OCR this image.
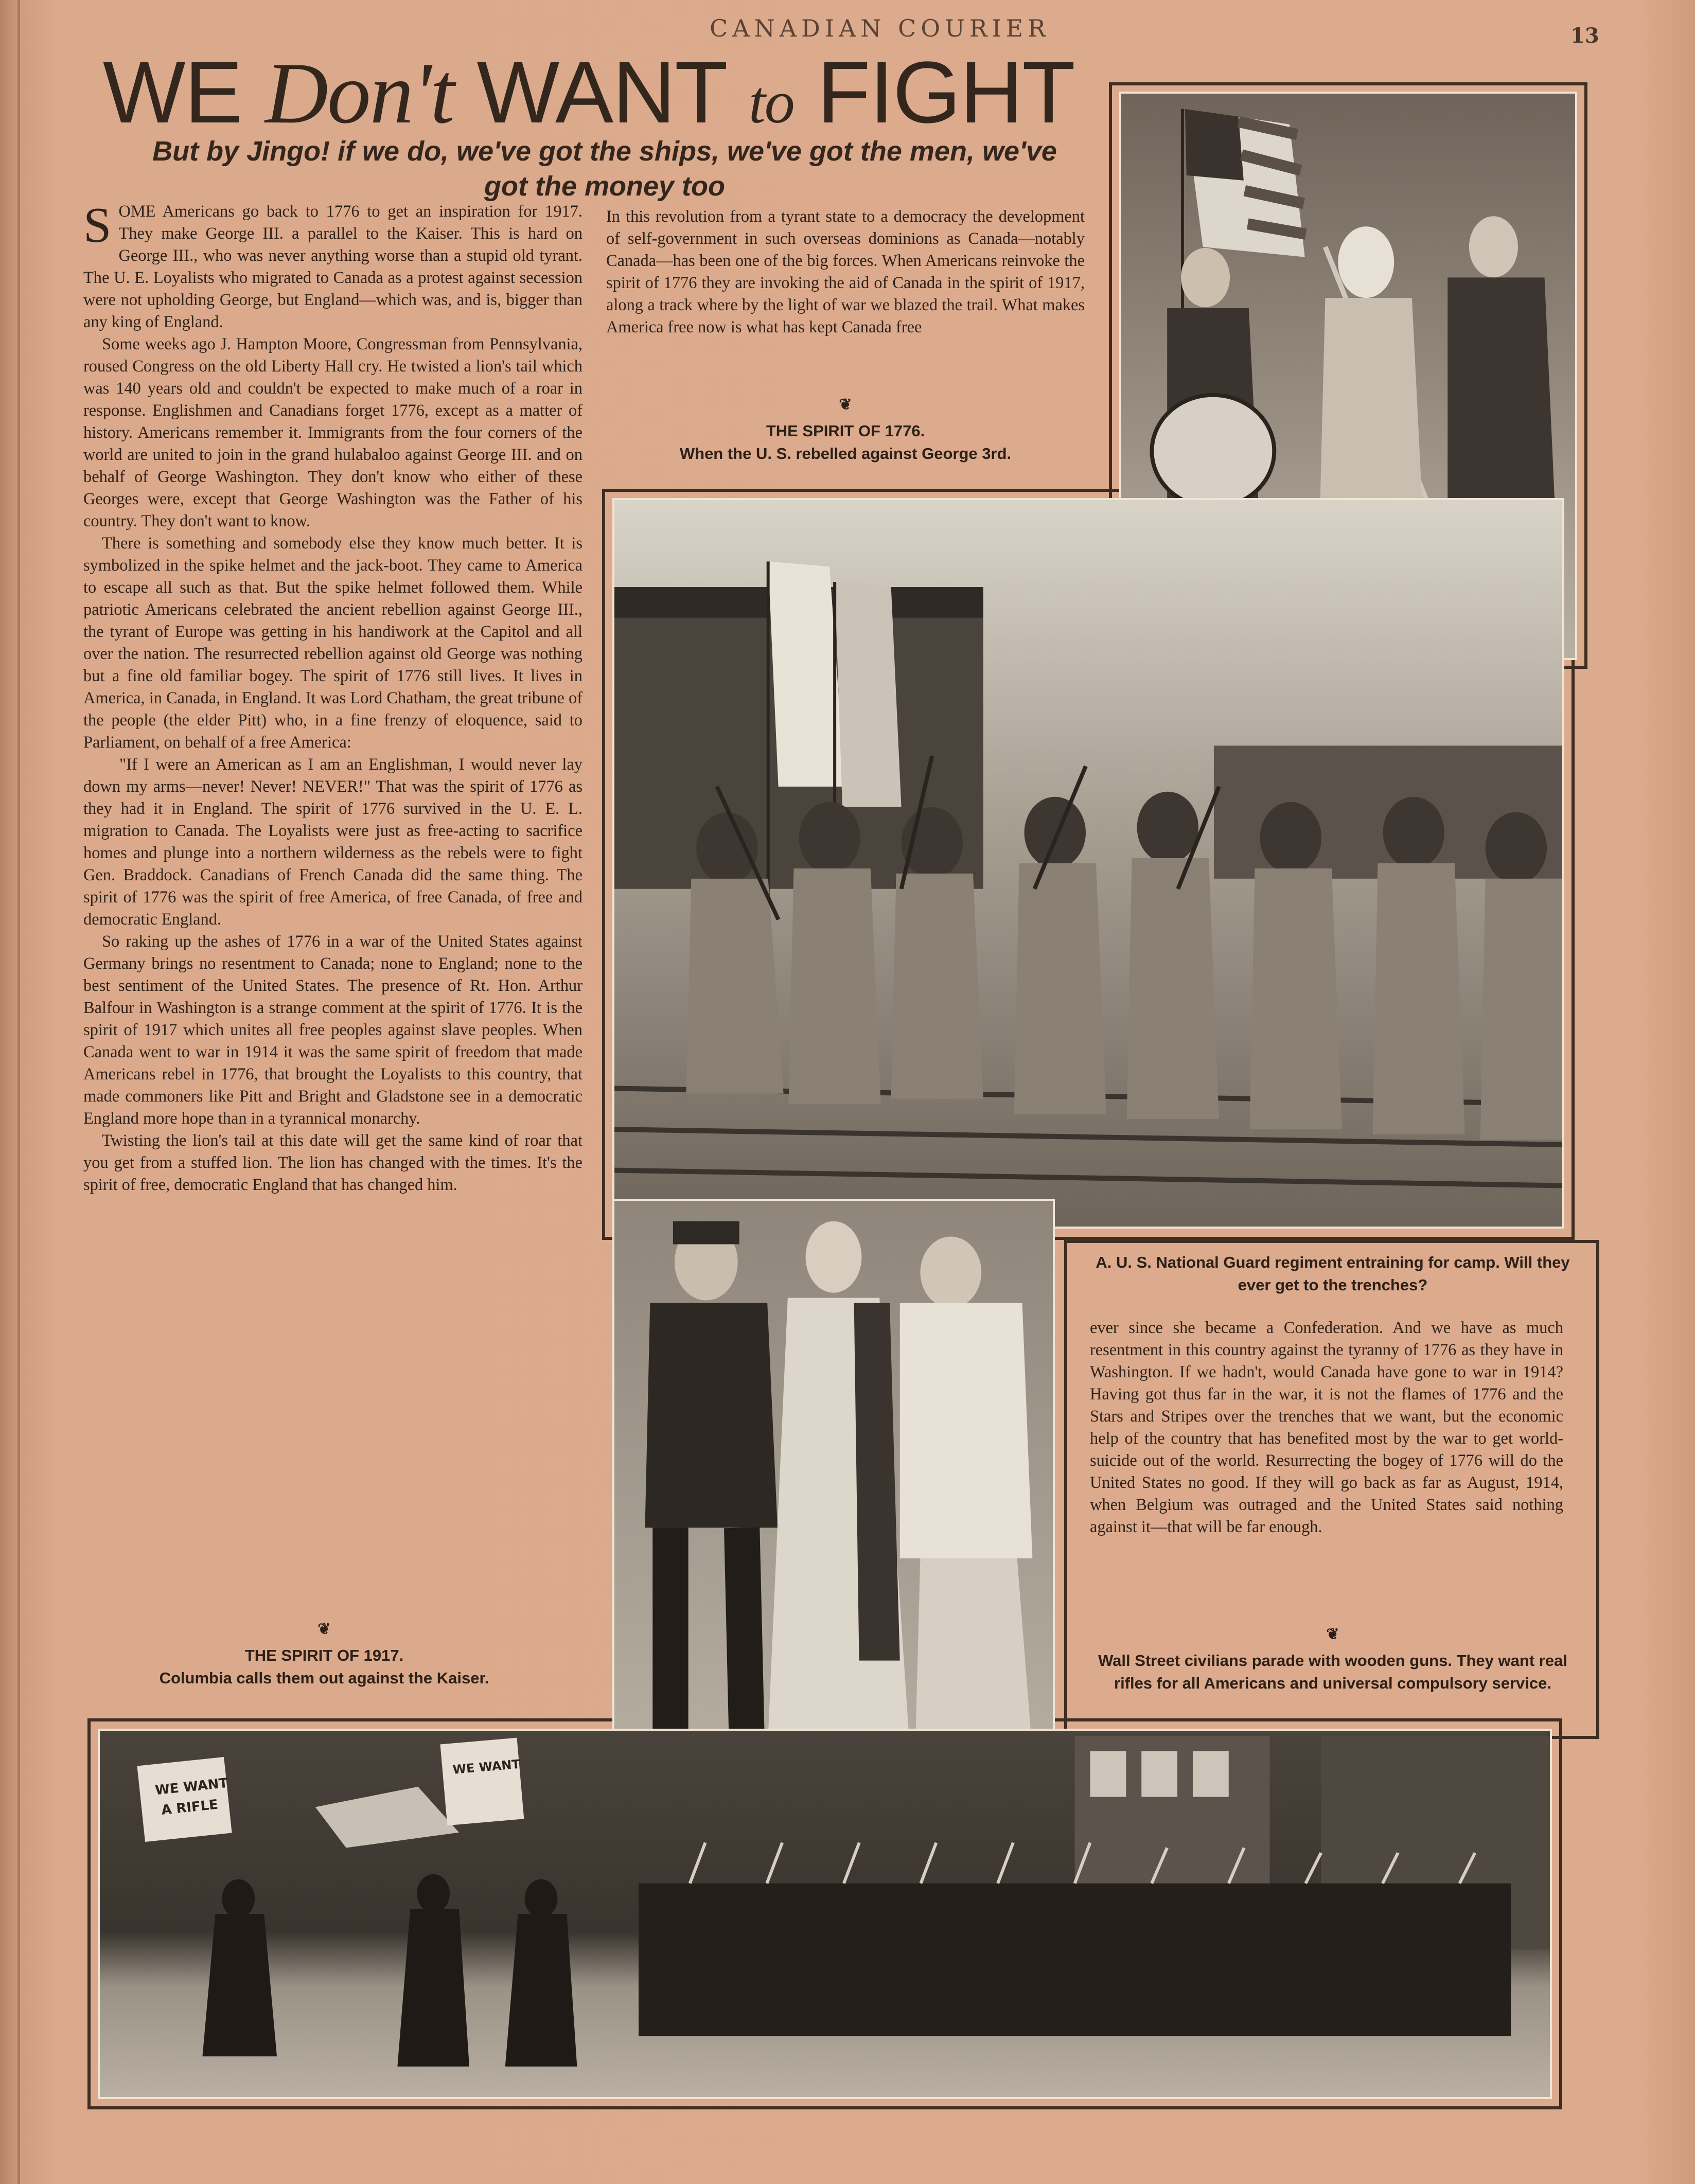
CANADIAN COURIER	13
WE Don't WANT to FIGHT
But by Jingo! if we do, we've got the ships, we've got the men, we've got the money too

SOME Americans go back to 1776 to get an inspiration for 1917. They make George III. a parallel to the Kaiser. This is hard on George III., who was never anything worse than a stupid old tyrant. The U. E. Loyalists who migrated to Canada as a protest against secession were not upholding George, but England—which was, and is, bigger than any king of England.

Some weeks ago J. Hampton Moore, Congressman from Pennsylvania, roused Congress on the old Liberty Hall cry. He twisted a lion's tail which was 140 years old and couldn't be expected to make much of a roar in response. Englishmen and Canadians forget 1776, except as a matter of history. Americans remember it. Immigrants from the four corners of the world are united to join in the grand hulabaloo against George III. and on behalf of George Washington. They don't know who either of these Georges were, except that George Washington was the Father of his country. They don't want to know.

There is something and somebody else they know much better. It is symbolized in the spike helmet and the jack-boot. They came to America to escape all such as that. But the spike helmet followed them. While patriotic Americans celebrated the ancient rebellion against George III., the tyrant of Europe was getting in his handiwork at the Capitol and all over the nation. The resurrected rebellion against old George was nothing but a fine old familiar bogey. The spirit of 1776 still lives. It lives in America, in Canada, in England. It was Lord Chatham, the great tribune of the people (the elder Pitt) who, in a fine frenzy of eloquence, said to Parliament, on behalf of a free America:

"If I were an American as I am an Englishman, I would never lay down my arms—never! Never! NEVER!" That was the spirit of 1776 as they had it in England. The spirit of 1776 survived in the U. E. L. migration to Canada. The Loyalists were just as free-acting to sacrifice homes and plunge into a northern wilderness as the rebels were to fight Gen. Braddock. Canadians of French Canada did the same thing. The spirit of 1776 was the spirit of free America, of free Canada, of free and democratic England.

So raking up the ashes of 1776 in a war of the United States against Germany brings no resentment to Canada; none to England; none to the best sentiment of the United States. The presence of Rt. Hon. Arthur Balfour in Washington is a strange comment at the spirit of 1776. It is the spirit of 1917 which unites all free peoples against slave peoples. When Canada went to war in 1914 it was the same spirit of freedom that made Americans rebel in 1776, that brought the Loyalists to this country, that made commoners like Pitt and Bright and Gladstone see in a democratic England more hope than in a tyrannical monarchy.

Twisting the lion's tail at this date will get the same kind of roar that you get from a stuffed lion. The lion has changed with the times. It's the spirit of free, democratic England that has changed him.

❦
THE SPIRIT OF 1917.
Columbia calls them out against the Kaiser.

In this revolution from a tyrant state to a democracy the development of self-government in such overseas dominions as Canada—notably Canada—has been one of the big forces. When Americans reinvoke the spirit of 1776 they are invoking the aid of Canada in the spirit of 1917, along a track where by the light of war we blazed the trail. What makes America free now is what has kept Canada free

❦
THE SPIRIT OF 1776.
When the U. S. rebelled against George 3rd.
A. U. S. National Guard regiment entraining for camp. Will they ever get to the trenches?

ever since she became a Confederation. And we have as much resentment in this country against the tyranny of 1776 as they have in Washington. If we hadn't, would Canada have gone to war in 1914? Having got thus far in the war, it is not the flames of 1776 and the Stars and Stripes over the trenches that we want, but the economic help of the country that has benefited most by the war to get world-suicide out of the world. Resurrecting the bogey of 1776 will do the United States no good. If they will go back as far as August, 1914, when Belgium was outraged and the United States said nothing against it—that will be far enough.

❦
Wall Street civilians parade with wooden guns. They want real rifles for all Americans and universal compulsory service.
WE WANT
A RIFLE
WE WANT
